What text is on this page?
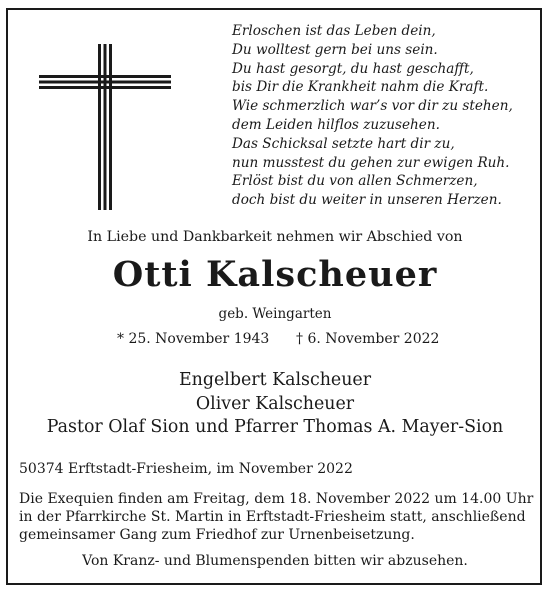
Erloschen ist das Leben dein,
Du wolltest gern bei uns sein.
Du hast gesorgt, du hast geschafft,
bis Dir die Krankheit nahm die Kraft.
Wie schmerzlich war’s vor dir zu stehen,
dem Leiden hilflos zuzusehen.
Das Schicksal setzte hart dir zu,
nun musstest du gehen zur ewigen Ruh.
Erlöst bist du von allen Schmerzen,
doch bist du weiter in unseren Herzen.
In Liebe und Dankbarkeit nehmen wir Abschied von
Otti Kalscheuer
geb. Weingarten
* 25. November 1943 † 6. November 2022
Engelbert Kalscheuer
Oliver Kalscheuer
Pastor Olaf Sion und Pfarrer Thomas A. Mayer-Sion
50374 Erftstadt-Friesheim, im November 2022
Die Exequien finden am Freitag, dem 18. November 2022 um 14.00 Uhr
in der Pfarrkirche St. Martin in Erftstadt-Friesheim statt, anschließend
gemeinsamer Gang zum Friedhof zur Urnenbeisetzung.
Von Kranz- und Blumenspenden bitten wir abzusehen.
